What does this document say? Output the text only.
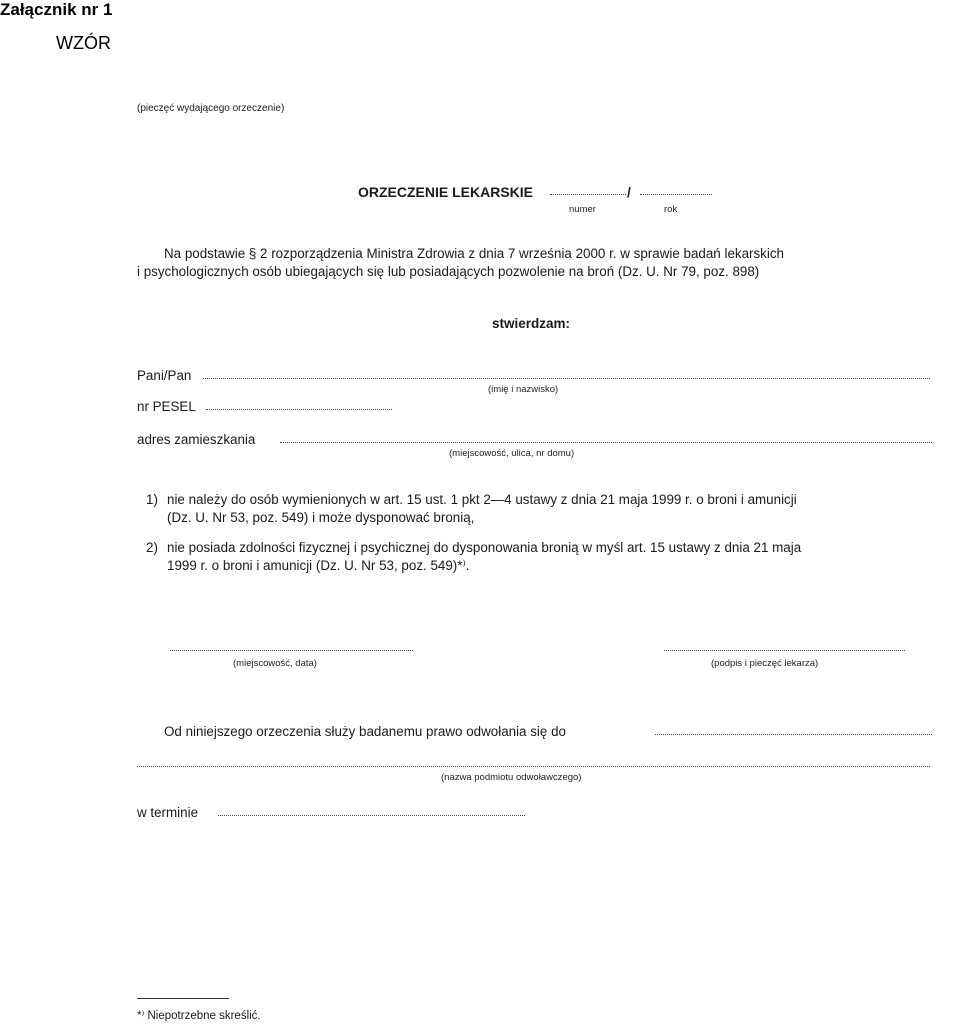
Załącznik nr 1
WZÓR
(pieczęć wydającego orzeczenie)
ORZECZENIE LEKARSKIE	/
numer	rok
Na podstawie § 2 rozporządzenia Ministra Zdrowia z dnia 7 września 2000 r. w sprawie badań lekarskich
i psychologicznych osób ubiegających się lub posiadających pozwolenie na broń (Dz. U. Nr 79, poz. 898)
stwierdzam:
Pani/Pan
(imię i nazwisko)
nr PESEL
adres zamieszkania
(miejscowość, ulica, nr domu)
1) nie należy do osób wymienionych w art. 15 ust. 1 pkt 2—4 ustawy z dnia 21 maja 1999 r. o broni i amunicji
(Dz. U. Nr 53, poz. 549) i może dysponować bronią,
2) nie posiada zdolności fizycznej i psychicznej do dysponowania bronią w myśl art. 15 ustawy z dnia 21 maja
1999 r. o broni i amunicji (Dz. U. Nr 53, poz. 549)*⁾.
(miejscowość, data)	(podpis i pieczęć lekarza)
Od niniejszego orzeczenia służy badanemu prawo odwołania się do
(nazwa podmiotu odwoławczego)
w terminie
*⁾ Niepotrzebne skreślić.
